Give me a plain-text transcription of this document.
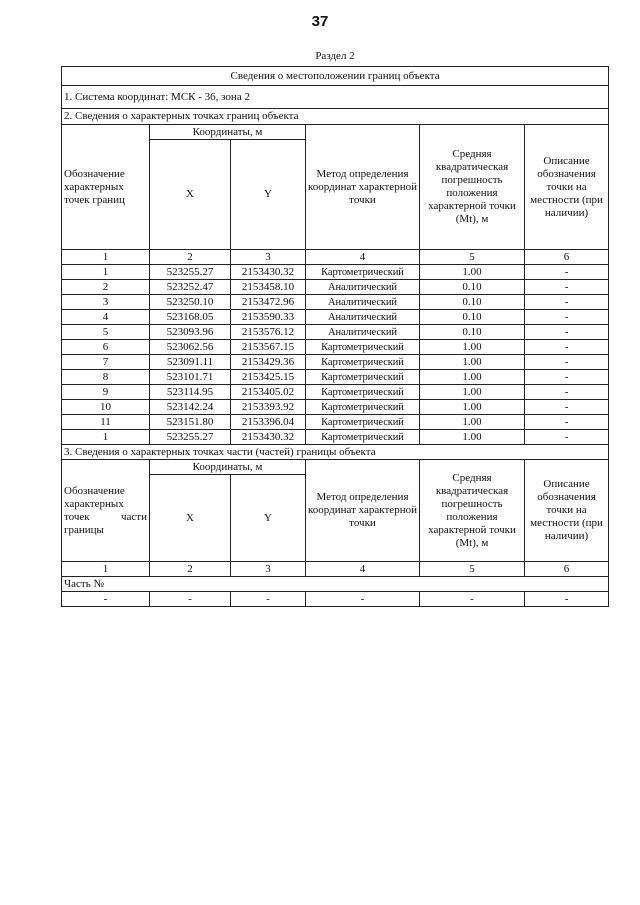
37
Раздел 2
Сведения о местоположении границ объекта					
1. Система координат: МСК - 36, зона 2					
2. Сведения о характерных точках границ объекта					
Обозначение характерных точек границ	Координаты, м		Метод определения координат характерной точки	Средняя квадратическая погрешность положения характерной точки (Mt), м	Описание обозначения точки на местности (при наличии)
	X	Y			
1	2	3	4	5	6
1	523255.27	2153430.32	Картометрический	1.00	-
2	523252.47	2153458.10	Аналитический	0.10	-
3	523250.10	2153472.96	Аналитический	0.10	-
4	523168.05	2153590.33	Аналитический	0.10	-
5	523093.96	2153576.12	Аналитический	0.10	-
6	523062.56	2153567.15	Картометрический	1.00	-
7	523091.11	2153429.36	Картометрический	1.00	-
8	523101.71	2153425.15	Картометрический	1.00	-
9	523114.95	2153405.02	Картометрический	1.00	-
10	523142.24	2153393.92	Картометрический	1.00	-
11	523151.80	2153396.04	Картометрический	1.00	-
1	523255.27	2153430.32	Картометрический	1.00	-
3. Сведения о характерных точках части (частей) границы объекта					
Обозначение характерных точек части границы	Координаты, м		Метод определения координат характерной точки	Средняя квадратическая погрешность положения характерной точки (Mt), м	Описание обозначения точки на местности (при наличии)
	X	Y			
1	2	3	4	5	6
Часть №					
-	-	-	-	-	-
